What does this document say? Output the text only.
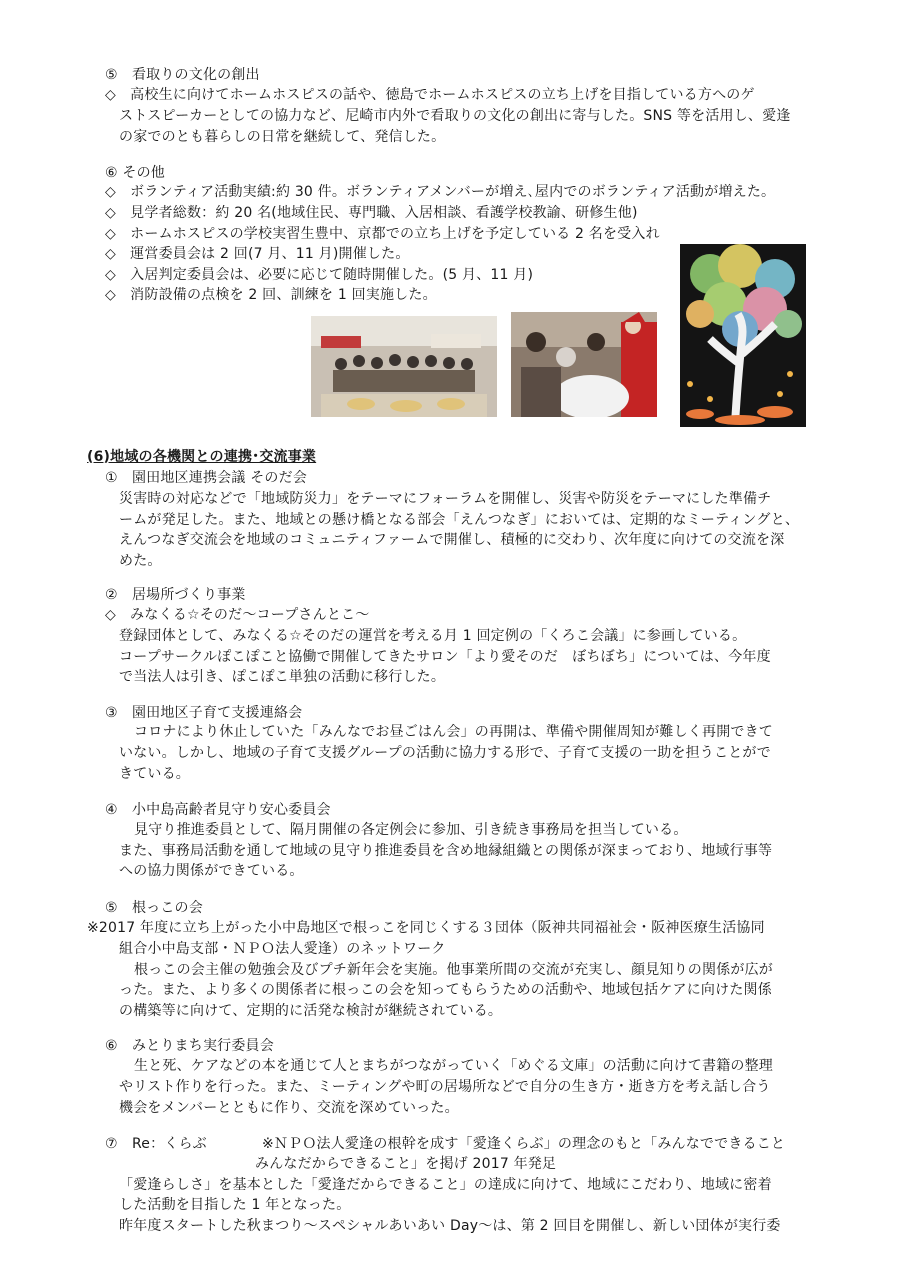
⑤　看取りの文化の創出
◇　高校生に向けてホームホスピスの話や、徳島でホームホスピスの立ち上げを目指している方へのゲ
ストスピーカーとしての協力など、尼崎市内外で看取りの文化の創出に寄与した。SNS 等を活用し、愛逢
の家でのとも暮らしの日常を継続して、発信した。
⑥ その他
◇　ボランティア活動実績:約 30 件。ボランティアメンバーが増え､屋内でのボランティア活動が増えた。
◇　見学者総数：約 20 名(地域住民、専門職、入居相談、看護学校教諭、研修生他)
◇　ホームホスピスの学校実習生豊中、京都での立ち上げを予定している 2 名を受入れ
◇　運営委員会は 2 回(7 月、11 月)開催した。
◇　入居判定委員会は、必要に応じて随時開催した。(5 月、11 月)
◇　消防設備の点検を 2 回、訓練を 1 回実施した。
(6)地域の各機関との連携･交流事業
①　園田地区連携会議 そのだ会
災害時の対応などで「地域防災力」をテーマにフォーラムを開催し、災害や防災をテーマにした準備チ
ームが発足した。また、地域との懸け橋となる部会「えんつなぎ」においては、定期的なミーティングと、
えんつなぎ交流会を地域のコミュニティファームで開催し、積極的に交わり、次年度に向けての交流を深
めた。
②　居場所づくり事業
◇　みなくる☆そのだ～コープさんとこ～
登録団体として、みなくる☆そのだの運営を考える月 1 回定例の「くろこ会議」に参画している。
コープサークルぽこぽこと協働で開催してきたサロン「より愛そのだ　ぼちぼち」については、今年度
で当法人は引き、ぽこぽこ単独の活動に移行した。
③　園田地区子育て支援連絡会
コロナにより休止していた「みんなでお昼ごはん会」の再開は、準備や開催周知が難しく再開できて
いない。しかし、地域の子育て支援グループの活動に協力する形で、子育て支援の一助を担うことがで
きている。
④　小中島高齢者見守り安心委員会
見守り推進委員として、隔月開催の各定例会に参加、引き続き事務局を担当している。
また、事務局活動を通して地域の見守り推進委員を含め地縁組織との関係が深まっており、地域行事等
への協力関係ができている。
⑤　根っこの会
※2017 年度に立ち上がった小中島地区で根っこを同じくする３団体（阪神共同福祉会・阪神医療生活協同
組合小中島支部・ＮＰＯ法人愛逢）のネットワーク
根っこの会主催の勉強会及びプチ新年会を実施。他事業所間の交流が充実し、顔見知りの関係が広が
った。また、より多くの関係者に根っこの会を知ってもらうための活動や、地域包括ケアに向けた関係
の構築等に向けて、定期的に活発な検討が継続されている。
⑥　みとりまち実行委員会
生と死、ケアなどの本を通じて人とまちがつながっていく「めぐる文庫」の活動に向けて書籍の整理
やリスト作りを行った。また、ミーティングや町の居場所などで自分の生き方・逝き方を考え話し合う
機会をメンバーとともに作り、交流を深めていった。
⑦　Re：くらぶ	※ＮＰＯ法人愛逢の根幹を成す「愛逢くらぶ」の理念のもと「みんなでできること
みんなだからできること」を掲げ 2017 年発足
「愛逢らしさ」を基本とした「愛逢だからできること」の達成に向けて、地域にこだわり、地域に密着
した活動を目指した 1 年となった。
昨年度スタートした秋まつり～スペシャルあいあい Day～は、第 2 回目を開催し、新しい団体が実行委
